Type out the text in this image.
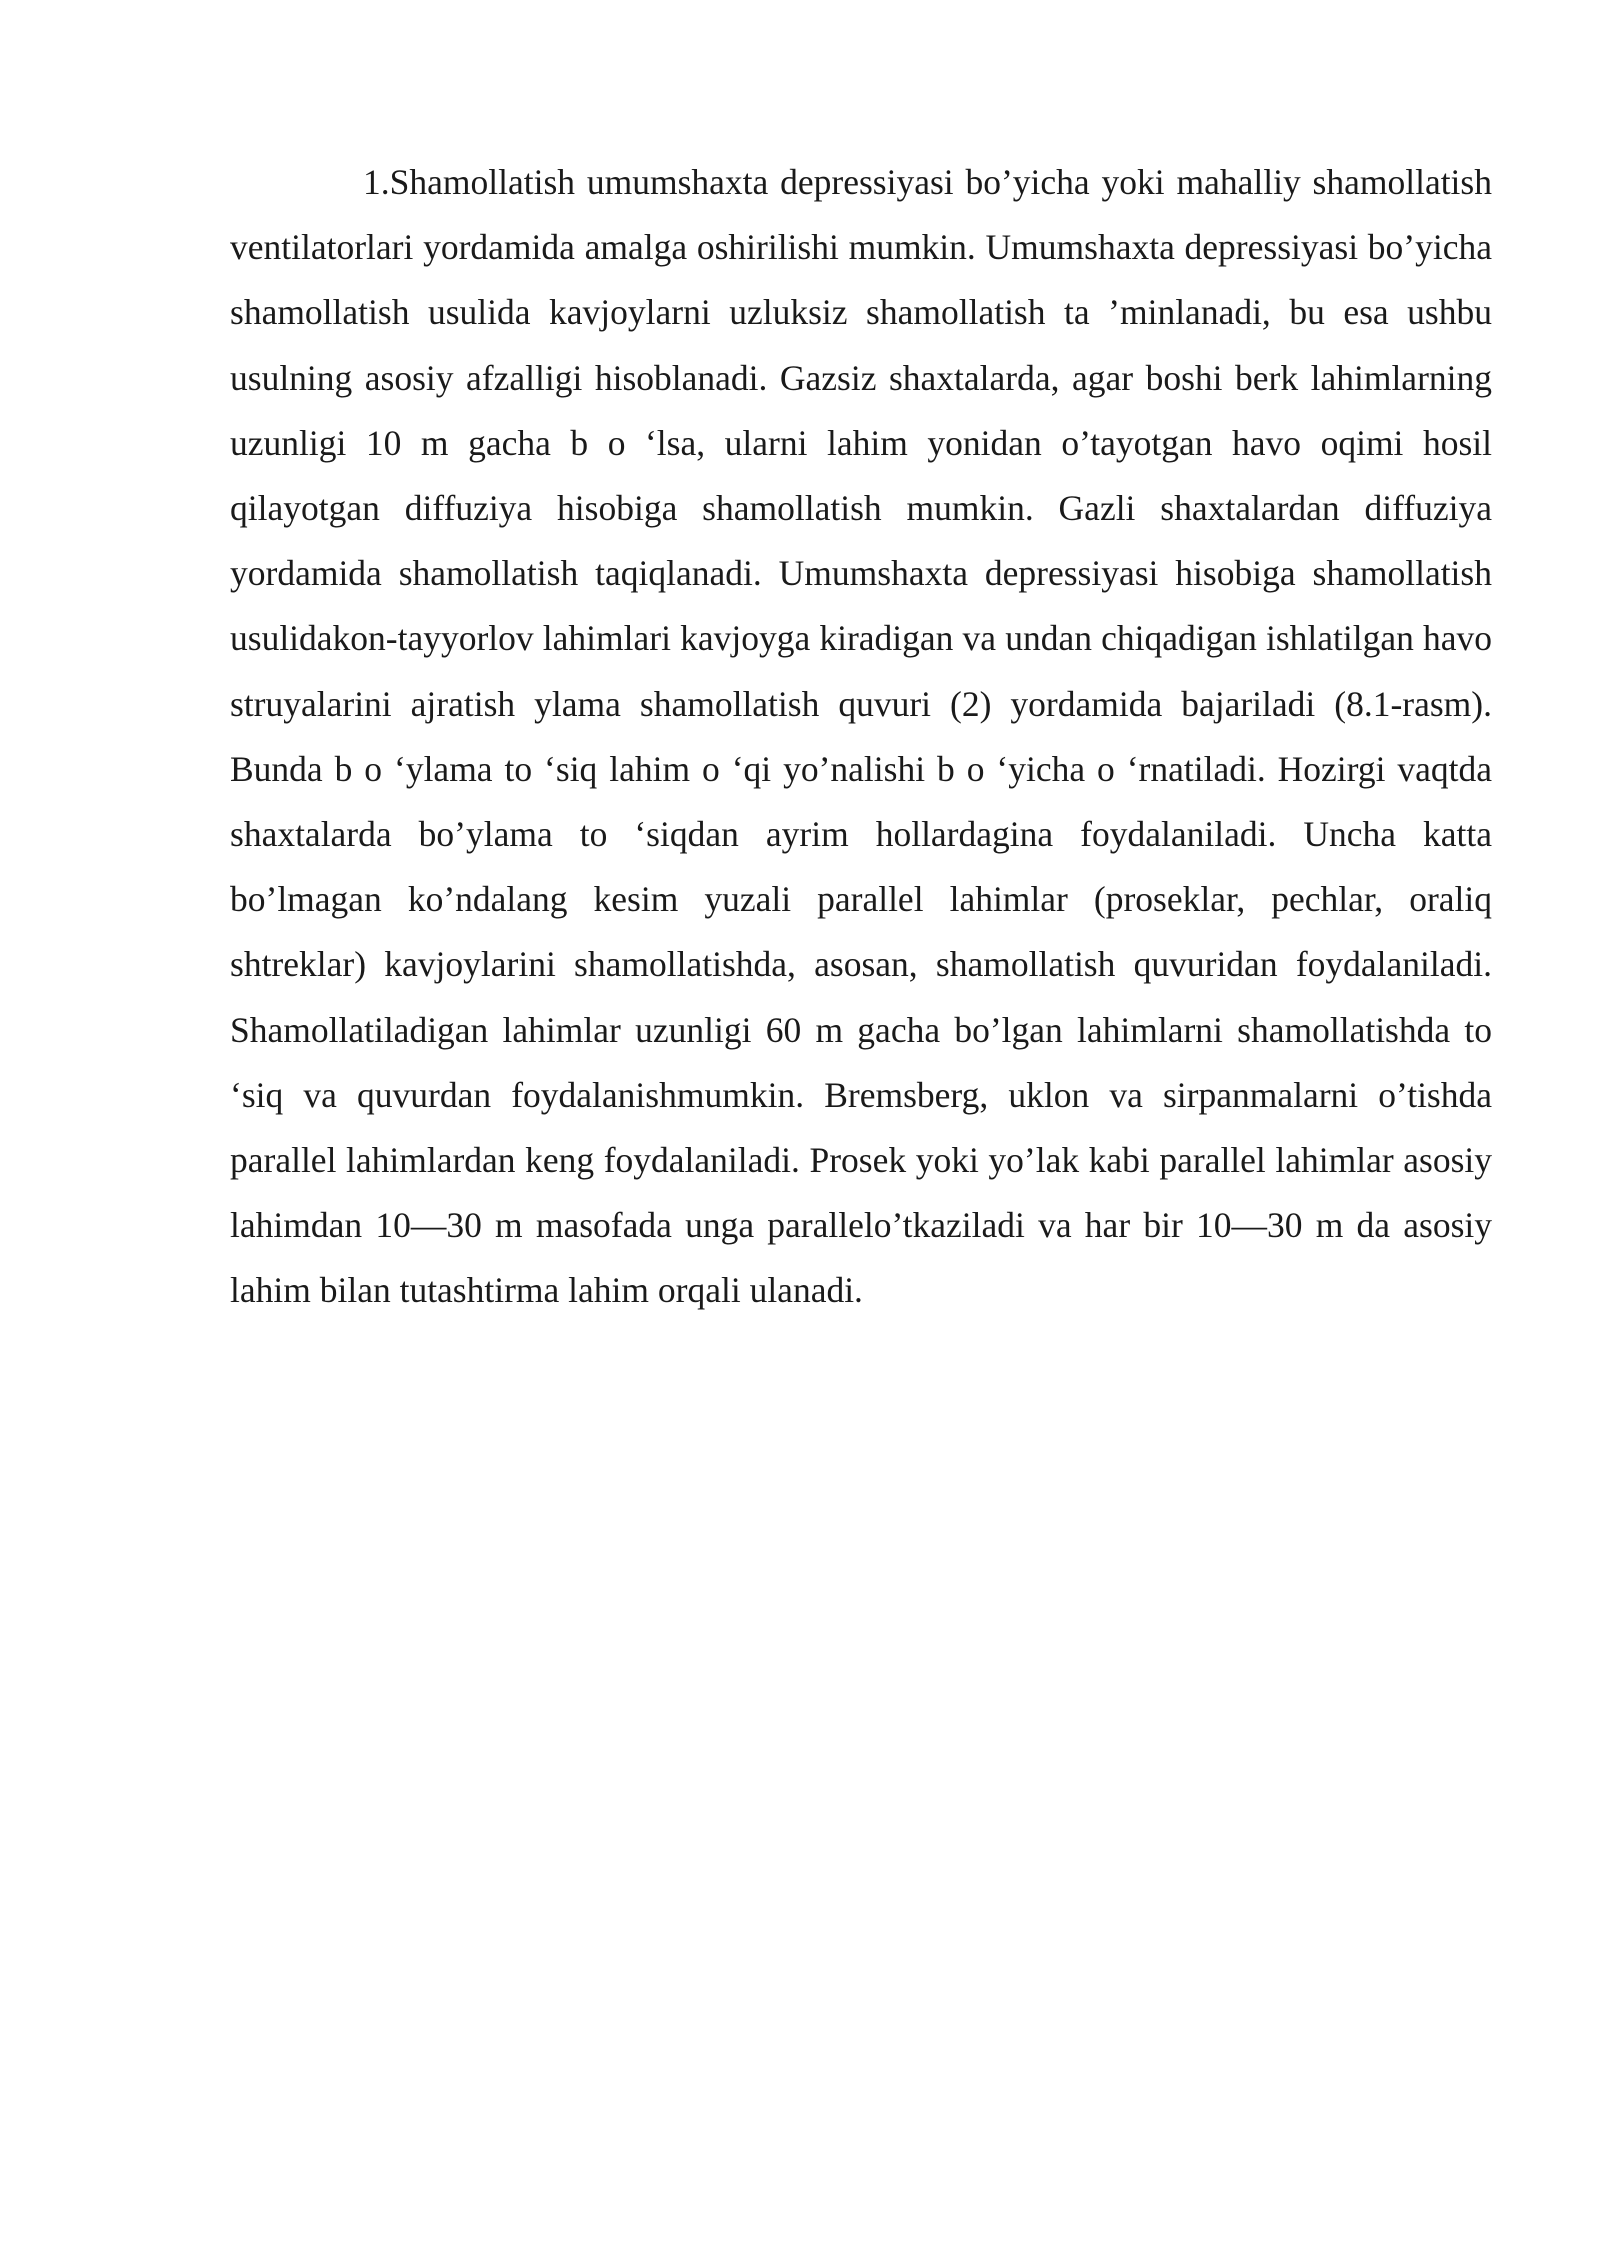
1.Shamollatish umumshaxta depressiyasi bo’yicha yoki mahalliy shamollatish ventilatorlari yordamida amalga oshirilishi mumkin. Umumshaxta depressiyasi bo’yicha shamollatish usulida kavjoylarni uzluksiz shamollatish ta ’minlanadi, bu esa ushbu usulning asosiy afzalligi hisoblanadi. Gazsiz shaxtalarda, agar boshi berk lahimlarning uzunligi 10 m gacha b o ‘lsa, ularni lahim yonidan o’tayotgan havo oqimi hosil qilayotgan diffuziya hisobiga shamollatish mumkin. Gazli shaxtalardan diffuziya yordamida shamollatish taqiqlanadi. Umumshaxta depressiyasi hisobiga shamollatish usulidakon-tayyorlov lahimlari kavjoyga kiradigan va undan chiqadigan ishlatilgan havo struyalarini ajratish ylama shamollatish quvuri (2) yordamida bajariladi (8.1-rasm). Bunda b o ‘ylama to ‘siq lahim o ‘qi yo’nalishi b o ‘yicha o ‘rnatiladi. Hozirgi vaqtda shaxtalarda bo’ylama to ‘siqdan ayrim hollardagina foydalaniladi. Uncha katta bo’lmagan ko’ndalang kesim yuzali parallel lahimlar (proseklar, pechlar, oraliq shtreklar) kavjoylarini shamollatishda, asosan, shamollatish quvuridan foydalaniladi. Shamollatiladigan lahimlar uzunligi 60 m gacha bo’lgan lahimlarni shamollatishda to ‘siq va quvurdan foydalanishmumkin. Bremsberg, uklon va sirpanmalarni o’tishda parallel lahimlardan keng foydalaniladi. Prosek yoki yo’lak kabi parallel lahimlar asosiy lahimdan 10—30 m masofada unga parallelo’tkaziladi va har bir 10—30 m da asosiy lahim bilan tutashtirma lahim orqali ulanadi.
